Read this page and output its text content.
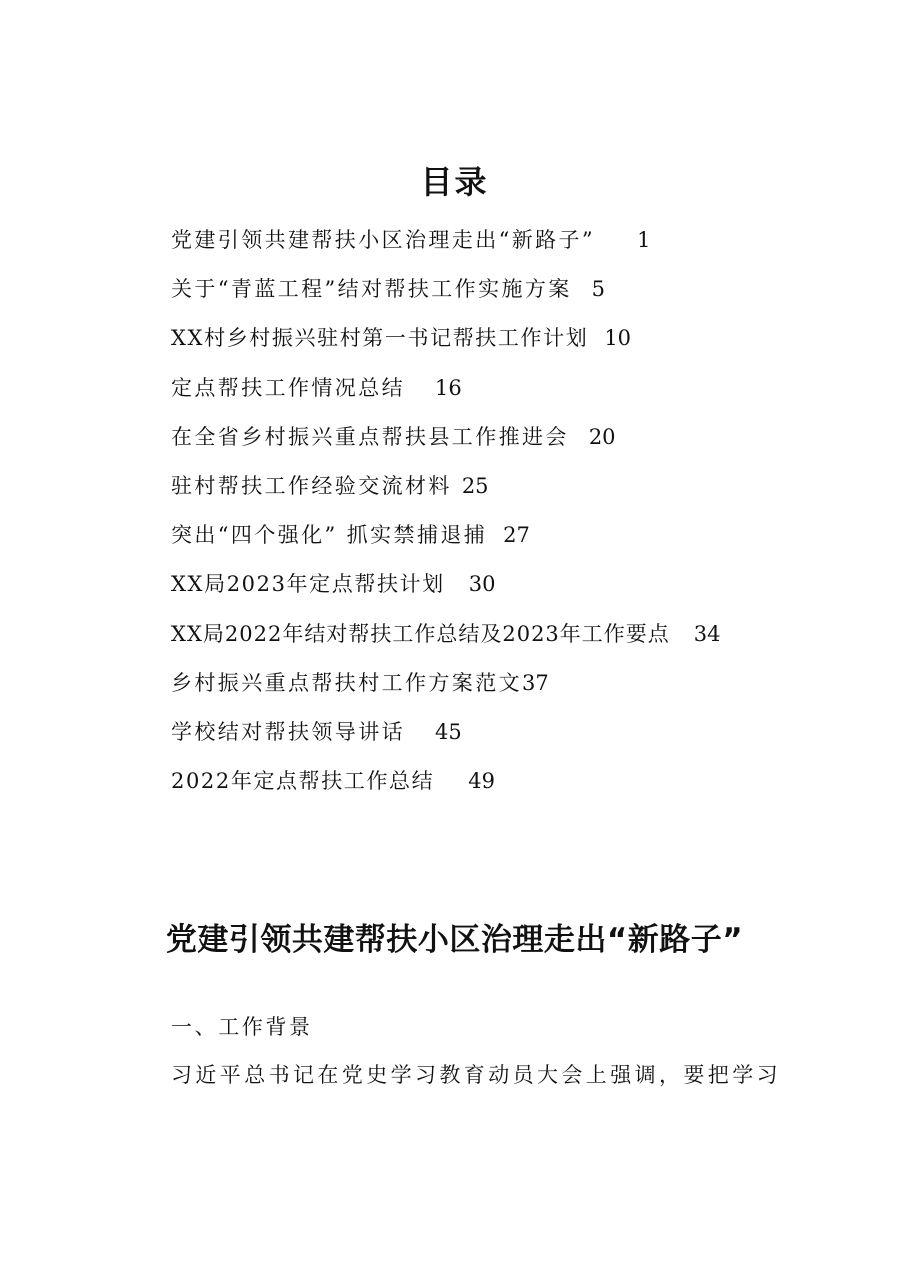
目录
党建引领共建帮扶小区治理走出“新路子” 1
关于“青蓝工程”结对帮扶工作实施方案 5
XX村乡村振兴驻村第一书记帮扶工作计划 10
定点帮扶工作情况总结 16
在全省乡村振兴重点帮扶县工作推进会 20
驻村帮扶工作经验交流材料 25
突出“四个强化” 抓实禁捕退捕 27
XX局2023年定点帮扶计划 30
XX局2022年结对帮扶工作总结及2023年工作要点 34
乡村振兴重点帮扶村工作方案范文37
学校结对帮扶领导讲话 45
2022年定点帮扶工作总结 49
党建引领共建帮扶小区治理走出“新路子”

一、工作背景

习近平总书记在党史学习教育动员大会上强调，要把学习
